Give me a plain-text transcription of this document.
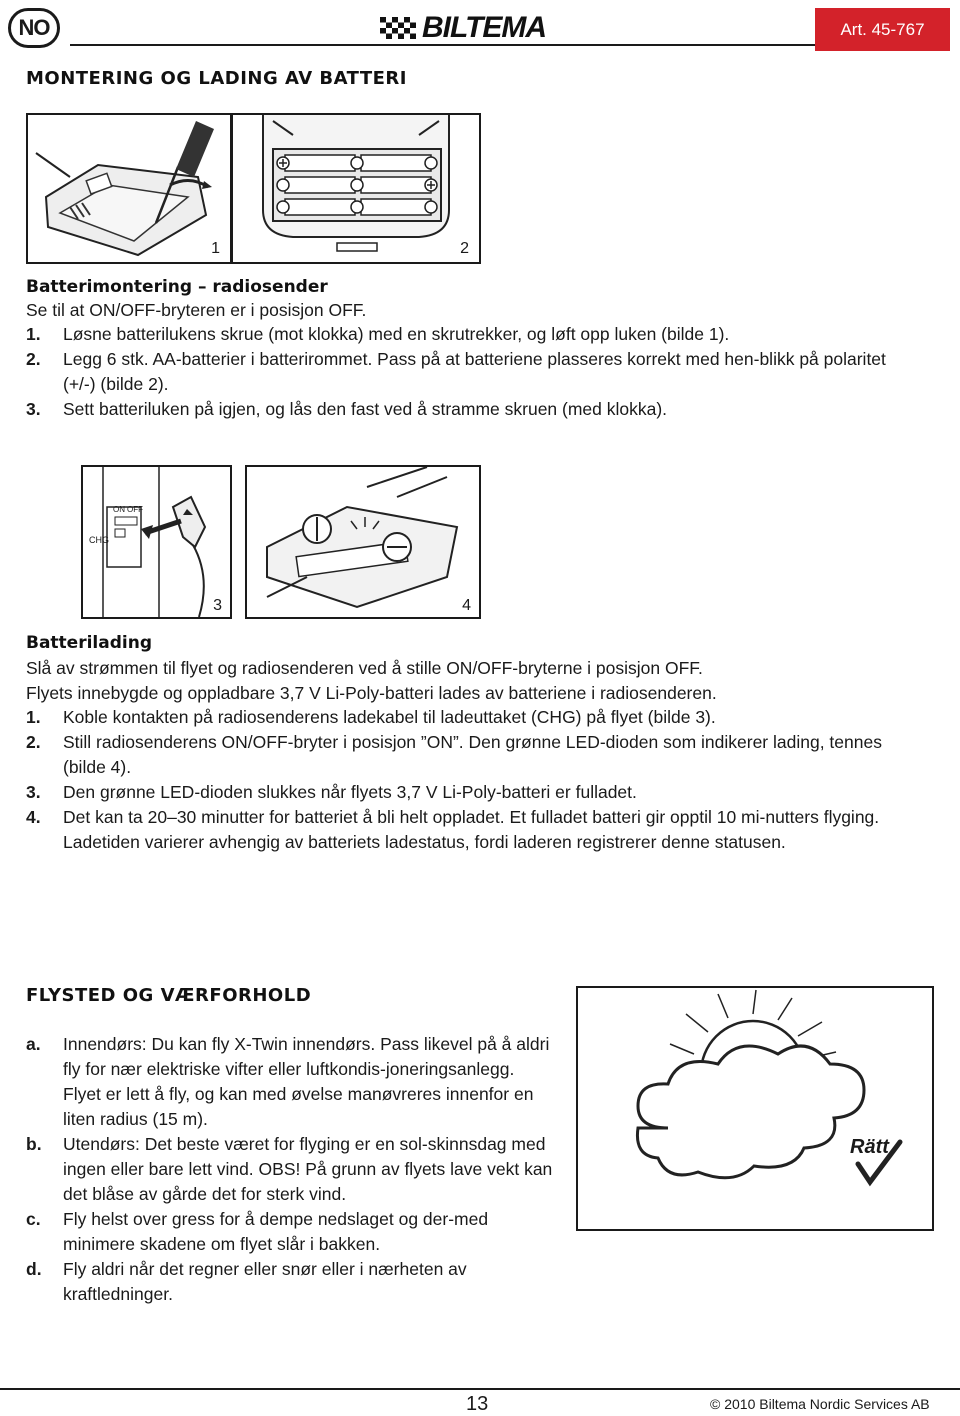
NO	BILTEMA	Art. 45-767
MONTERING OG LADING AV BATTERI
1	2
Batterimontering – radiosender
Se til at ON/OFF-bryteren er i posisjon OFF.
1. Løsne batterilukens skrue (mot klokka) med en skrutrekker, og løft opp luken (bilde 1).
2. Legg 6 stk. AA-batterier i batterirommet. Pass på at batteriene plasseres korrekt med hen-blikk på polaritet (+/-) (bilde 2).
3. Sett batteriluken på igjen, og lås den fast ved å stramme skruen (med klokka).
ON OFF
CHG
3	4
Batterilading
Slå av strømmen til flyet og radiosenderen ved å stille ON/OFF-bryterne i posisjon OFF.
Flyets innebygde og oppladbare 3,7 V Li-Poly-batteri lades av batteriene i radiosenderen.
1. Koble kontakten på radiosenderens ladekabel til ladeuttaket (CHG) på flyet (bilde 3).
2. Still radiosenderens ON/OFF-bryter i posisjon ”ON”. Den grønne LED-dioden som indikerer lading, tennes (bilde 4).
3. Den grønne LED-dioden slukkes når flyets 3,7 V Li-Poly-batteri er fulladet.
4. Det kan ta 20–30 minutter for batteriet å bli helt oppladet. Et fulladet batteri gir opptil 10 mi-nutters flyging. Ladetiden varierer avhengig av batteriets ladestatus, fordi laderen registrerer denne statusen.
FLYSTED OG VÆRFORHOLD
a. Innendørs: Du kan fly X-Twin innendørs. Pass likevel på å aldri fly for nær elektriske vifter eller luftkondis-joneringsanlegg. Flyet er lett å fly, og kan med øvelse manøvreres innenfor en liten radius (15 m).
b. Utendørs: Det beste været for flyging er en sol-skinnsdag med ingen eller bare lett vind. OBS! På grunn av flyets lave vekt kan det blåse av gårde det for sterk vind.
c. Fly helst over gress for å dempe nedslaget og der-med minimere skadene om flyet slår i bakken.
d. Fly aldri når det regner eller snør eller i nærheten av kraftledninger.
Rätt
13	© 2010 Biltema Nordic Services AB
